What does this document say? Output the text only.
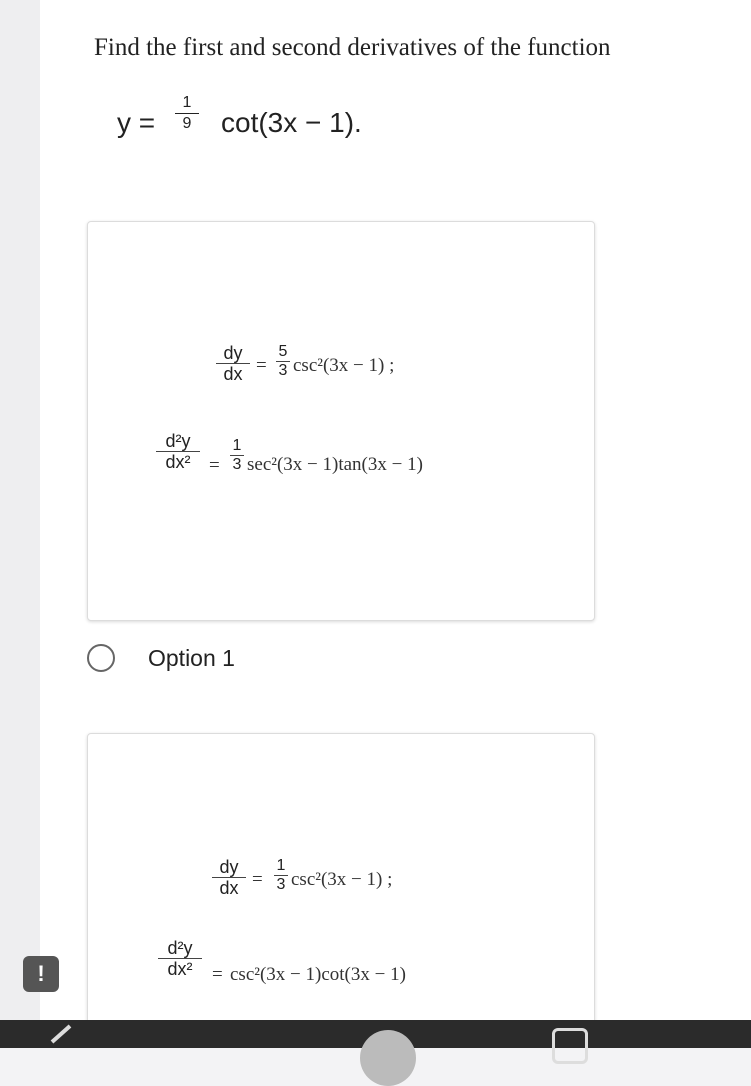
Find the first and second derivatives of the function
y =
1
9 cot(3x − 1).
dy
dx =
5
3 csc²(3x − 1) ;
d²y
dx² =
1
3 sec²(3x − 1)tan(3x − 1)
Option 1
dy
dx =
1
3 csc²(3x − 1) ;
d²y
dx² = csc²(3x − 1)cot(3x − 1)
!
